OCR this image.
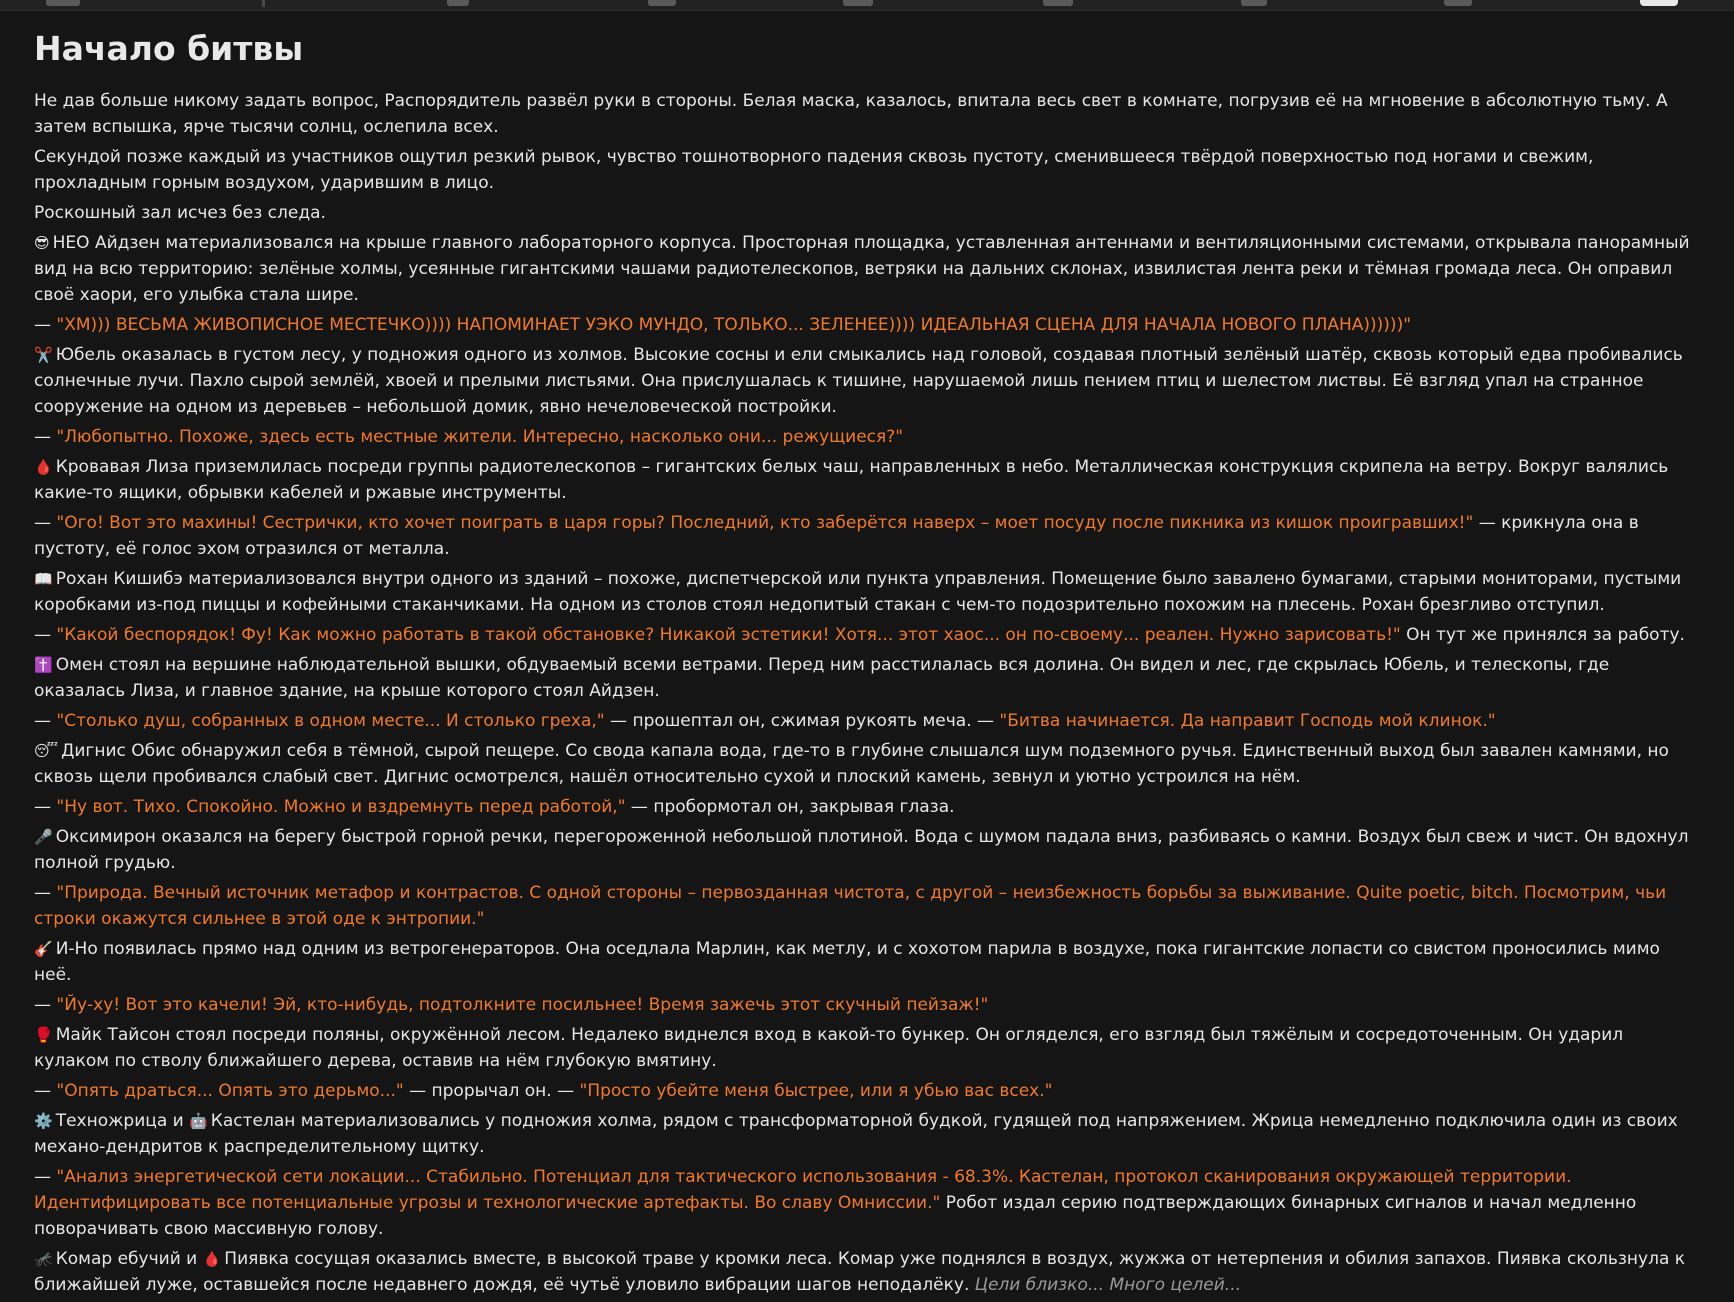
Начало битвы

Не дав больше никому задать вопрос, Распорядитель развёл руки в стороны. Белая маска, казалось, впитала весь свет в комнате, погрузив её на мгновение в абсолютную тьму. А затем вспышка, ярче тысячи солнц, ослепила всех.

Секундой позже каждый из участников ощутил резкий рывок, чувство тошнотворного падения сквозь пустоту, сменившееся твёрдой поверхностью под ногами и свежим, прохладным горным воздухом, ударившим в лицо.

Роскошный зал исчез без следа.

😎 НЕО Айдзен материализовался на крыше главного лабораторного корпуса. Просторная площадка, уставленная антеннами и вентиляционными системами, открывала панорамный вид на всю территорию: зелёные холмы, усеянные гигантскими чашами радиотелескопов, ветряки на дальних склонах, извилистая лента реки и тёмная громада леса. Он оправил своё хаори, его улыбка стала шире.

— "ХМ))) ВЕСЬМА ЖИВОПИСНОЕ МЕСТЕЧКО)))) НАПОМИНАЕТ УЭКО МУНДО, ТОЛЬКО... ЗЕЛЕНЕЕ)))) ИДЕАЛЬНАЯ СЦЕНА ДЛЯ НАЧАЛА НОВОГО ПЛАНА))))))"

✂️ Юбель оказалась в густом лесу, у подножия одного из холмов. Высокие сосны и ели смыкались над головой, создавая плотный зелёный шатёр, сквозь который едва пробивались солнечные лучи. Пахло сырой землёй, хвоей и прелыми листьями. Она прислушалась к тишине, нарушаемой лишь пением птиц и шелестом листвы. Её взгляд упал на странное сооружение на одном из деревьев – небольшой домик, явно нечеловеческой постройки.

— "Любопытно. Похоже, здесь есть местные жители. Интересно, насколько они... режущиеся?"

🩸 Кровавая Лиза приземлилась посреди группы радиотелескопов – гигантских белых чаш, направленных в небо. Металлическая конструкция скрипела на ветру. Вокруг валялись какие-то ящики, обрывки кабелей и ржавые инструменты.

— "Ого! Вот это махины! Сестрички, кто хочет поиграть в царя горы? Последний, кто заберётся наверх – моет посуду после пикника из кишок проигравших!" — крикнула она в пустоту, её голос эхом отразился от металла.

📖 Рохан Кишибэ материализовался внутри одного из зданий – похоже, диспетчерской или пункта управления. Помещение было завалено бумагами, старыми мониторами, пустыми коробками из-под пиццы и кофейными стаканчиками. На одном из столов стоял недопитый стакан с чем-то подозрительно похожим на плесень. Рохан брезгливо отступил.

— "Какой беспорядок! Фу! Как можно работать в такой обстановке? Никакой эстетики! Хотя... этот хаос... он по-своему... реален. Нужно зарисовать!" Он тут же принялся за работу.

✝️ Омен стоял на вершине наблюдательной вышки, обдуваемый всеми ветрами. Перед ним расстилалась вся долина. Он видел и лес, где скрылась Юбель, и телескопы, где оказалась Лиза, и главное здание, на крыше которого стоял Айдзен.

— "Столько душ, собранных в одном месте... И столько греха," — прошептал он, сжимая рукоять меча. — "Битва начинается. Да направит Господь мой клинок."

😴 Дигнис Обис обнаружил себя в тёмной, сырой пещере. Со свода капала вода, где-то в глубине слышался шум подземного ручья. Единственный выход был завален камнями, но сквозь щели пробивался слабый свет. Дигнис осмотрелся, нашёл относительно сухой и плоский камень, зевнул и уютно устроился на нём.

— "Ну вот. Тихо. Спокойно. Можно и вздремнуть перед работой," — пробормотал он, закрывая глаза.

🎤 Оксимирон оказался на берегу быстрой горной речки, перегороженной небольшой плотиной. Вода с шумом падала вниз, разбиваясь о камни. Воздух был свеж и чист. Он вдохнул полной грудью.

— "Природа. Вечный источник метафор и контрастов. С одной стороны – первозданная чистота, с другой – неизбежность борьбы за выживание. Quite poetic, bitch. Посмотрим, чьи строки окажутся сильнее в этой оде к энтропии."

🎸 И-Но появилась прямо над одним из ветрогенераторов. Она оседлала Марлин, как метлу, и с хохотом парила в воздухе, пока гигантские лопасти со свистом проносились мимо неё.

— "Йу-ху! Вот это качели! Эй, кто-нибудь, подтолкните посильнее! Время зажечь этот скучный пейзаж!"

🥊 Майк Тайсон стоял посреди поляны, окружённой лесом. Недалеко виднелся вход в какой-то бункер. Он огляделся, его взгляд был тяжёлым и сосредоточенным. Он ударил кулаком по стволу ближайшего дерева, оставив на нём глубокую вмятину.

— "Опять драться... Опять это дерьмо..." — прорычал он. — "Просто убейте меня быстрее, или я убью вас всех."

⚙️ Техножрица и 🤖 Кастелан материализовались у подножия холма, рядом с трансформаторной будкой, гудящей под напряжением. Жрица немедленно подключила один из своих механо-дендритов к распределительному щитку.

— "Анализ энергетической сети локации... Стабильно. Потенциал для тактического использования - 68.3%. Кастелан, протокол сканирования окружающей территории. Идентифицировать все потенциальные угрозы и технологические артефакты. Во славу Омниссии." Робот издал серию подтверждающих бинарных сигналов и начал медленно поворачивать свою массивную голову.

🦟 Комар ебучий и 🩸 Пиявка сосущая оказались вместе, в высокой траве у кромки леса. Комар уже поднялся в воздух, жужжа от нетерпения и обилия запахов. Пиявка скользнула к ближайшей луже, оставшейся после недавнего дождя, её чутьё уловило вибрации шагов неподалёку. Цели близко... Много целей...
